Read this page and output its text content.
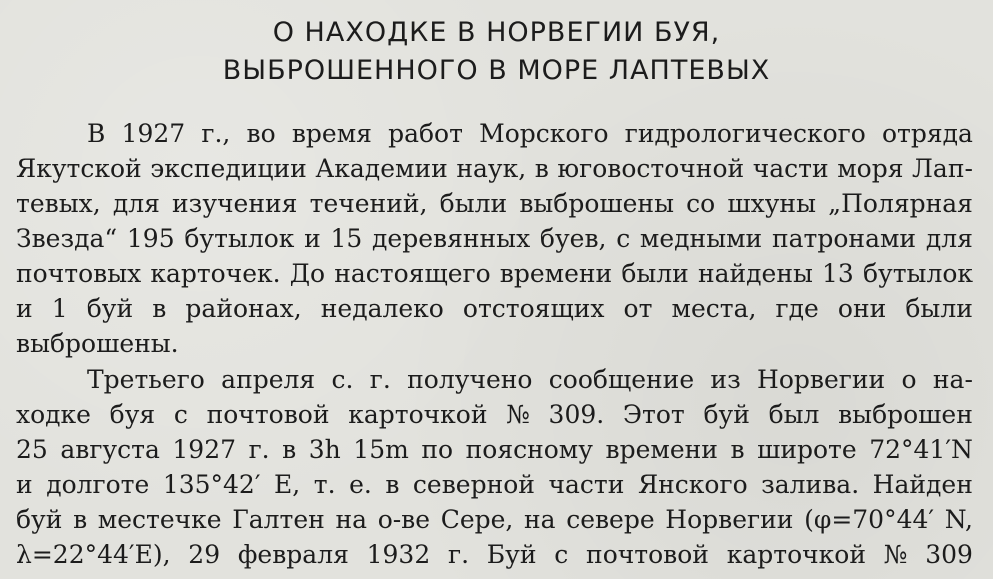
О НАХОДКЕ В НОРВЕГИИ БУЯ,
ВЫБРОШЕННОГО В МОРЕ ЛАПТЕВЫХ
В 1927 г., во время работ Морского гидрологического отряда
Якутской экспедиции Академии наук, в юговосточной части моря Лап-
тевых, для изучения течений, были выброшены со шхуны „Полярная
Звезда“ 195 бутылок и 15 деревянных буев, с медными патронами для
почтовых карточек. До настоящего времени были найдены 13 бутылок
и 1 буй в районах, недалеко отстоящих от места, где они были
выброшены.
Третьего апреля с. г. получено сообщение из Норвегии о на-
ходке буя с почтовой карточкой № 309. Этот буй был выброшен
25 августа 1927 г. в 3h 15m по поясному времени в широте 72°41′N
и долготе 135°42′ E, т. е. в северной части Янского залива. Найден
буй в местечке Галтен на о-ве Сере, на севере Норвегии (φ=70°44′ N,
λ=22°44′E), 29 февраля 1932 г. Буй с почтовой карточкой № 309
